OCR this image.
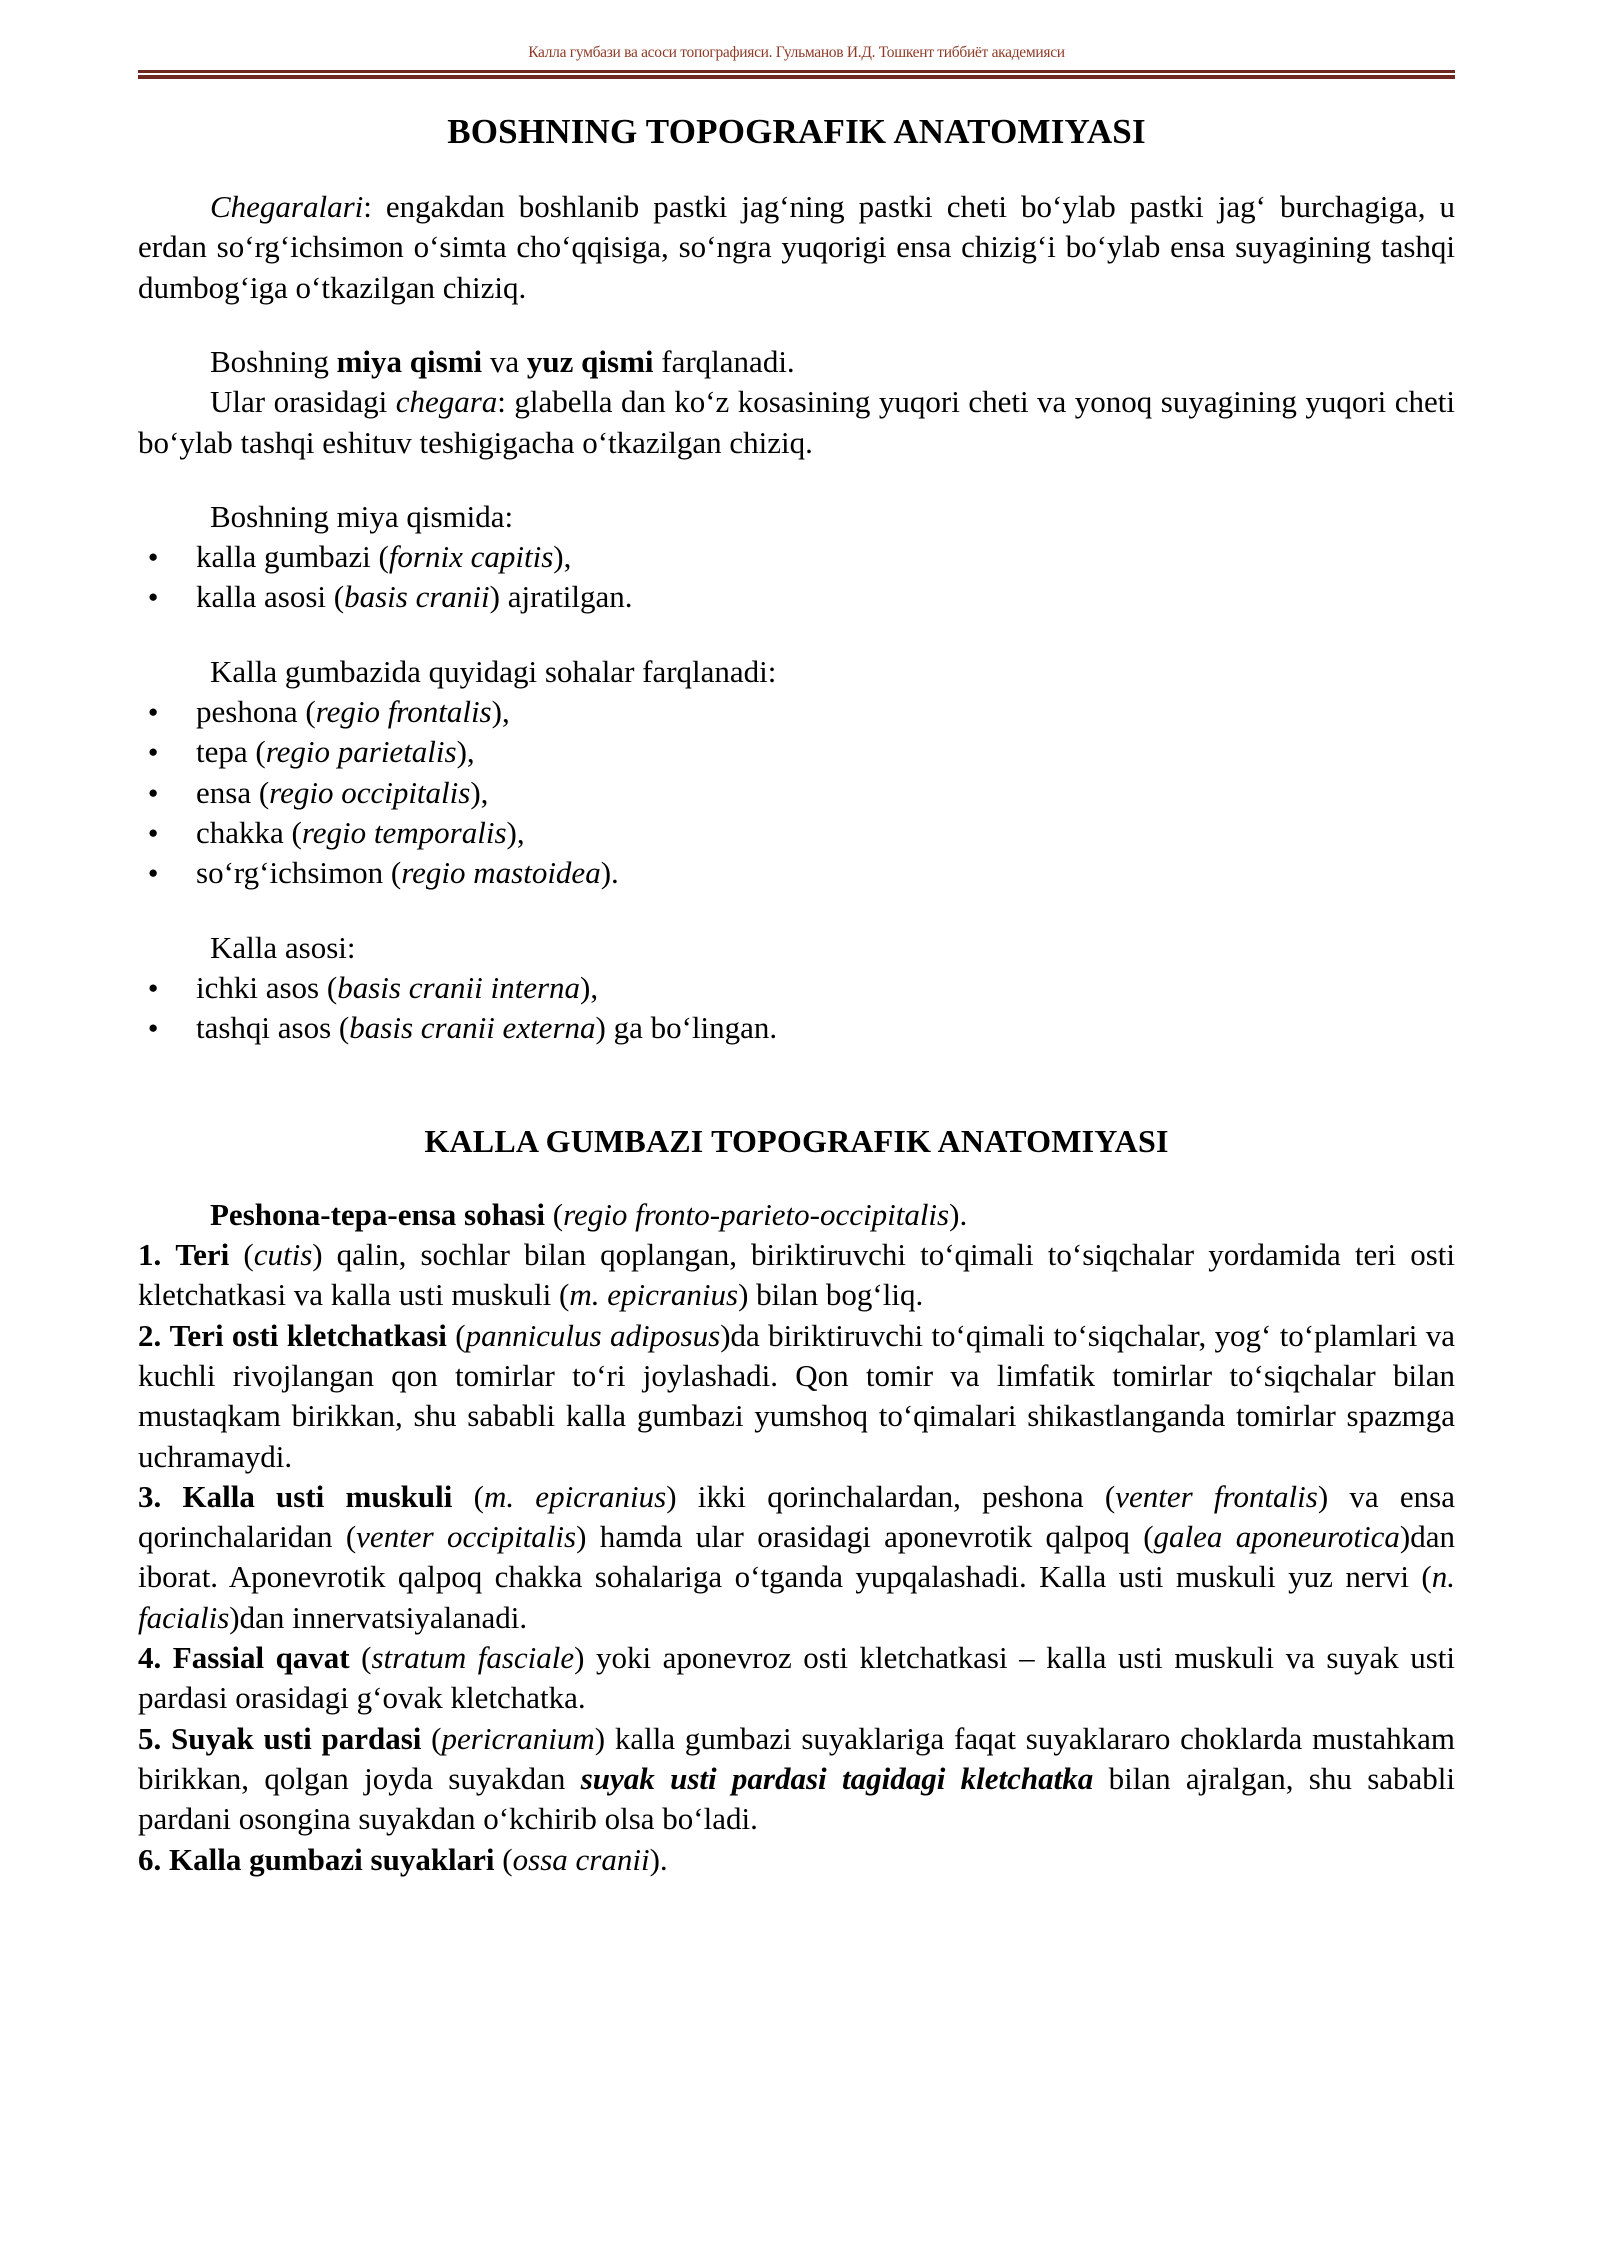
Калла гумбази ва асоси топографияси. Гульманов И.Д. Тошкент тиббиёт академияси
BOSHNING TOPOGRAFIK ANATOMIYASI

Chegaralari: engakdan boshlanib pastki jag‘ning pastki cheti bo‘ylab pastki jag‘ burchagiga, u erdan so‘rg‘ichsimon o‘simta cho‘qqisiga, so‘ngra yuqorigi ensa chizig‘i bo‘ylab ensa suyagining tashqi dumbog‘iga o‘tkazilgan chiziq.

Boshning miya qismi va yuz qismi farqlanadi.

Ular orasidagi chegara: glabella dan ko‘z kosasining yuqori cheti va yonoq suyagining yuqori cheti bo‘ylab tashqi eshituv teshigigacha o‘tkazilgan chiziq.

Boshning miya qismida:

● kalla gumbazi (fornix capitis),
● kalla asosi (basis cranii) ajratilgan.

Kalla gumbazida quyidagi sohalar farqlanadi:

● peshona (regio frontalis),
● tepa (regio parietalis),
● ensa (regio occipitalis),
● chakka (regio temporalis),
● so‘rg‘ichsimon (regio mastoidea).

Kalla asosi:

● ichki asos (basis cranii interna),
● tashqi asos (basis cranii externa) ga bo‘lingan.
KALLA GUMBAZI TOPOGRAFIK ANATOMIYASI

Peshona-tepa-ensa sohasi (regio fronto-parieto-occipitalis).

1. Teri (cutis) qalin, sochlar bilan qoplangan, biriktiruvchi to‘qimali to‘siqchalar yordamida teri osti kletchatkasi va kalla usti muskuli (m. epicranius) bilan bog‘liq.

2. Teri osti kletchatkasi (panniculus adiposus)da biriktiruvchi to‘qimali to‘siqchalar, yog‘ to‘plamlari va kuchli rivojlangan qon tomirlar to‘ri joylashadi. Qon tomir va limfatik tomirlar to‘siqchalar bilan mustaqkam birikkan, shu sababli kalla gumbazi yumshoq to‘qimalari shikastlanganda tomirlar spazmga uchramaydi.

3. Kalla usti muskuli (m. epicranius) ikki qorinchalardan, peshona (venter frontalis) va ensa qorinchalaridan (venter occipitalis) hamda ular orasidagi aponevrotik qalpoq (galea aponeurotica)dan iborat. Aponevrotik qalpoq chakka sohalariga o‘tganda yupqalashadi. Kalla usti muskuli yuz nervi (n. facialis)dan innervatsiyalanadi.

4. Fassial qavat (stratum fasciale) yoki aponevroz osti kletchatkasi – kalla usti muskuli va suyak usti pardasi orasidagi g‘ovak kletchatka.

5. Suyak usti pardasi (pericranium) kalla gumbazi suyaklariga faqat suyaklararo choklarda mustahkam birikkan, qolgan joyda suyakdan suyak usti pardasi tagidagi kletchatka bilan ajralgan, shu sababli pardani osongina suyakdan o‘kchirib olsa bo‘ladi.

6. Kalla gumbazi suyaklari (ossa cranii).
